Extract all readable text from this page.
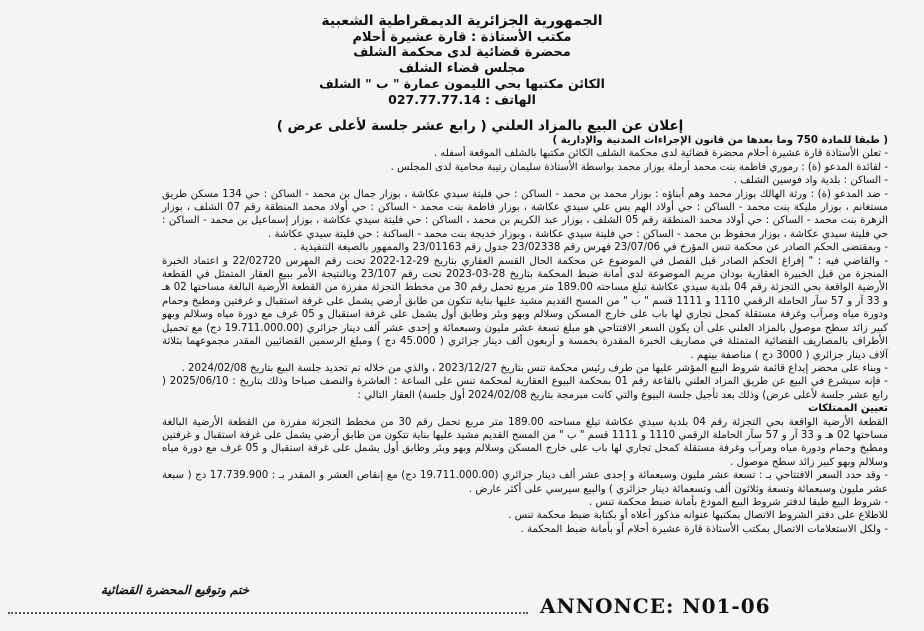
الجمهورية الجزائرية الديمقراطية الشعبية
مكتب الأستاذة : قارة عشيرة أحلام
محضرة قضائية لدى محكمة الشلف
مجلس قضاء الشلف
الكائن مكتبها بحي الليمون عمارة " ب " الشلف
الهاتف : 027.77.77.14
إعلان عن البيع بالمزاد العلني ( رابع عشر جلسة لأعلى عرض )

( طبقا للمادة 750 وما بعدها من قانون الإجراءات المدنية والإدارية )

- تعلن الأستاذة قارة عشيرة أحلام محضرة قضائية لدى محكمة الشلف الكائن مكتبها بالشلف الموقعة أسفله .

- لفائدة المدعو (ة) : رموري فاطمة بنت محمد أرملة بوزار محمد بواسطة الأستاذة سليمان رتيبة محامية لدى المجلس .

- الساكن : بلدية واد فوسين الشلف .

- ضد المدعو (ة) : ورثة الهالك بوزار محمد وهم أبناؤه : بوزار محمد بن محمد - الساكن : حي فليتة سيدي عكاشة ، بوزار جمال بن محمد - الساكن : حي 134 مسكن طريق مستغانم ، بوزار مليكة بنت محمد - الساكن : حي أولاد الهم يس علي سيدي عكاشة ، بوزار فاطمة بنت محمد - الساكن : حي أولاد محمد المنطقة رقم 07 الشلف ، بوزار الزهرة بنت محمد - الساكن : حي أولاد محمد المنطقة رقم 05 الشلف ، بوزار عبد الكريم بن محمد ، الساكن : حي فليتة سيدي عكاشة ، بوزار إسماعيل بن محمد - الساكن : حي فليتة سيدي عكاشة ، بوزار محفوظ بن محمد - الساكن : حي فليتة سيدي عكاشة ، وبوزار خديجة بنت محمد - الساكنة : حي فليتة سيدي عكاشة .

- وبمقتضى الحكم الصادر عن محكمة تنس المؤرخ في 23/07/06 فهرس رقم 23/02338 جدول رقم 23/01163 والممهور بالصيغة التنفيذية .

- والقاضي فيه : " إفراغ الحكم الصادر قبل الفصل في الموضوع عن محكمة الحال القسم العقاري بتاريخ 29-12-2022 تحت رقم المهرس 22/02720 و اعتماد الخبرة المنجزة من قبل الخبيرة العقارية بودان مريم الموضوعة لدى أمانة ضبط المحكمة بتاريخ 28-03-2023 تحت رقم 23/107 وبالنتيجة الأمر ببيع العقار المتمثل في القطعة الأرضية الواقعة بحي التجزئة رقم 04 بلدية سيدي عكاشة تبلغ مساحته 189.00 متر مربع تحمل رقم 30 من مخطط التجزئة مفرزة من القطعة الأرضية البالغة مساحتها 02 هـ و 33 آر و 57 سآر الحاملة الرقمي 1110 و 1111 قسم " ب " من المسح القديم مشيد عليها بناية تتكون من طابق أرضي يشمل على غرفة استقبال و غرفتين ومطبخ وحمام ودورة مياه ومرآب وغرفة مستقلة كمحل تجاري لها باب على خارج المسكن وسلالم وبهو وبئر وطابق أول يشمل على غرفة استقبال و 05 غرف مع دورة مياه وسلالم وبهو كبير زائد سطح موصول بالمزاد العلني على أن يكون السعر الافتتاحي هو مبلغ تسعة عشر مليون وسبعمائة و إحدى عشر ألف دينار جزائري (19.711.000.00 دج) مع تحميل الأطراف بالمصاريف القضائية المتمثلة في مصاريف الخبرة المقدرة بخمسة و أربعون ألف دينار جزائري ( 45.000 دج ) ومبلغ الرسمين القضائيين المقدر مجموعهما بثلاثة آلاف دينار جزائري ( 3000 دج ) مناصفة بينهم .

- وبناء على محضر إيداع قائمة شروط البيع المؤشر عليها من طرف رئيس محكمة تنس بتاريخ 2023/12/27 ، والذي من خلاله تم تحديد جلسة البيع بتاريخ 2024/02/08 .

- فإنه سيشرع في البيع عن طريق المزاد العلني بالقاعة رقم 01 بمحكمة البيوع العقارية لمحكمة تنس على الساعة : العاشرة والنصف صباحا وذلك بتاريخ : 2025/06/10 ( رابع عشر جلسة لأعلى عرض) وذلك بعد تأجيل جلسة البيوع والتي كانت مبرمجة بتاريخ 2024/02/08 أول جلسة) العقار التالي :

تعيين الممتلكات

القطعة الأرضية الواقعة بحي التجزئة رقم 04 بلدية سيدي عكاشة تبلغ مساحته 189.00 متر مربع تحمل رقم 30 من مخطط التجزئة مفرزة من القطعة الأرضية البالغة مساحتها 02 هـ و 33 آر و 57 سآر الحاملة الرقمي 1110 و 1111 قسم " ب " من المسح القديم مشيد عليها بناية تتكون من طابق أرضي يشمل على غرفة استقبال و غرفتين ومطبخ وحمام ودورة مياه ومرآب وغرفة مستقلة كمحل تجاري لها باب على خارج المسكن وسلالم وبهو وبئر وطابق أول يشمل على غرفة استقبال و 05 غرف مع دورة مياه وسلالم وبهو كبير زائد سطح موصول .

- وقد حدد السعر الافتتاحي بـ : تسعة عشر مليون وسبعمائة و إحدى عشر ألف دينار جزائري (19.711.000.00 دج) مع إنقاص العشر و المقدر بـ : 17.739.900 دج ( سبعة عشر مليون وسبعمائة وتسعة وثلاثون ألف وتسعمائة دينار جزائري ) والبيع سيرسي على أكثر عارض .

- شروط البيع طبقا لدفتر شروط البيع المودع بأمانة ضبط محكمة تنس .

للاطلاع على دفتر الشروط الاتصال بمكتبها عنوانه مذكور أعلاه أو بكتابة ضبط محكمة تنس .

- ولكل الاستعلامات الاتصال بمكتب الأستاذة قارة عشيرة أحلام أو بأمانة ضبط المحكمة .

ختم وتوقيع المحضرة القضائية
ANNONCE: N01-06
